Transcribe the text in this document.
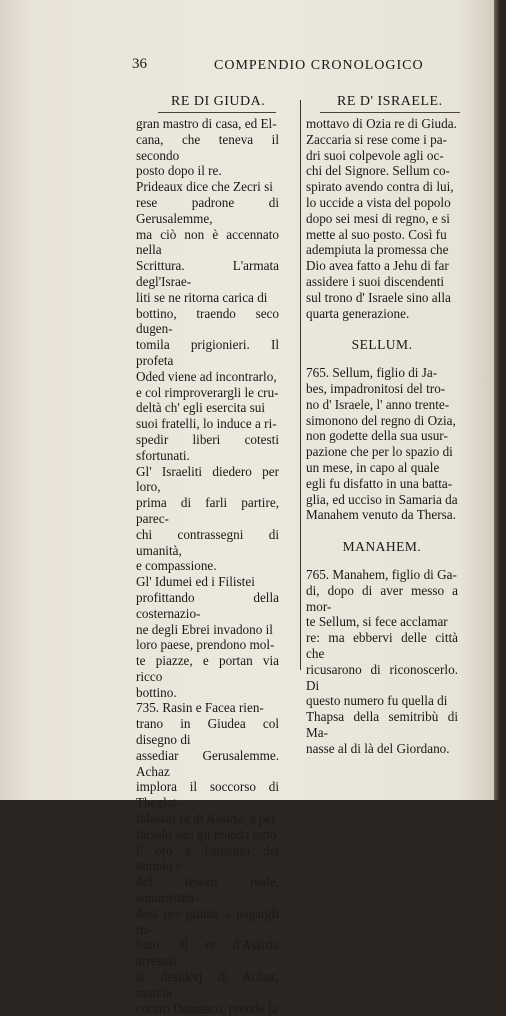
36	COMPENDIO CRONOLOGICO
RE DI GIUDA.	RE D' ISRAELE.

gran mastro di casa, ed El-

cana, che teneva il secondo

posto dopo il re.

Prideaux dice che Zecri si

rese padrone di Gerusalemme,

ma ciò non è accennato nella

Scrittura. L'armata degl'Israe-

liti se ne ritorna carica di

bottino, traendo seco dugen-

tomila prigionieri. Il profeta

Oded viene ad incontrarlo,

e col rimproverargli le cru-

deltà ch' egli esercita sui

suoi fratelli, lo induce a ri-

spedir liberi cotesti sfortunati.

Gl' Israeliti diedero per loro,

prima di farli partire, parec-

chi contrassegni di umanità,

e compassione.

Gl' Idumei ed i Filistei

profittando della costernazio-

ne degli Ebrei invadono il

loro paese, prendono mol-

te piazze, e portan via ricco

bottino.

735. Rasin e Facea rien-

trano in Giudea col disegno di

assediar Gerusalemme. Achaz

implora il soccorso di Theglat-

falassar re di Assiria, e per

farselo suo gli manda tutto

l' oro e l'argento del tempio e

del tesoro reale, sommetten-

dosi per giunta a pagargli tri-

buto. Il re d'Assiria arresosi

ai desiderj di Achaz, marcia

contro Damasco, prende la

mottavo di Ozia re di Giuda.

Zaccaria si rese come i pa-

dri suoi colpevole agli oc-

chi del Signore. Sellum co-

spirato avendo contra di lui,

lo uccide a vista del popolo

dopo sei mesi di regno, e si

mette al suo posto. Così fu

adempiuta la promessa che

Dio avea fatto a Jehu di far

assidere i suoi discendenti

sul trono d' Israele sino alla

quarta generazione.

SELLUM.

765. Sellum, figlio di Ja-

bes, impadronitosi del tro-

no d' Israele, l' anno trente-

simonono del regno di Ozia,

non godette della sua usur-

pazione che per lo spazio di

un mese, in capo al quale

egli fu disfatto in una batta-

glia, ed ucciso in Samaria da

Manahem venuto da Thersa.

MANAHEM.

765. Manahem, figlio di Ga-

di, dopo di aver messo a mor-

te Sellum, si fece acclamar

re: ma ebbervi delle città che

ricusarono di riconoscerlo. Di

questo numero fu quella di

Thapsa della semitribù di Ma-

nasse al di là del Giordano.
